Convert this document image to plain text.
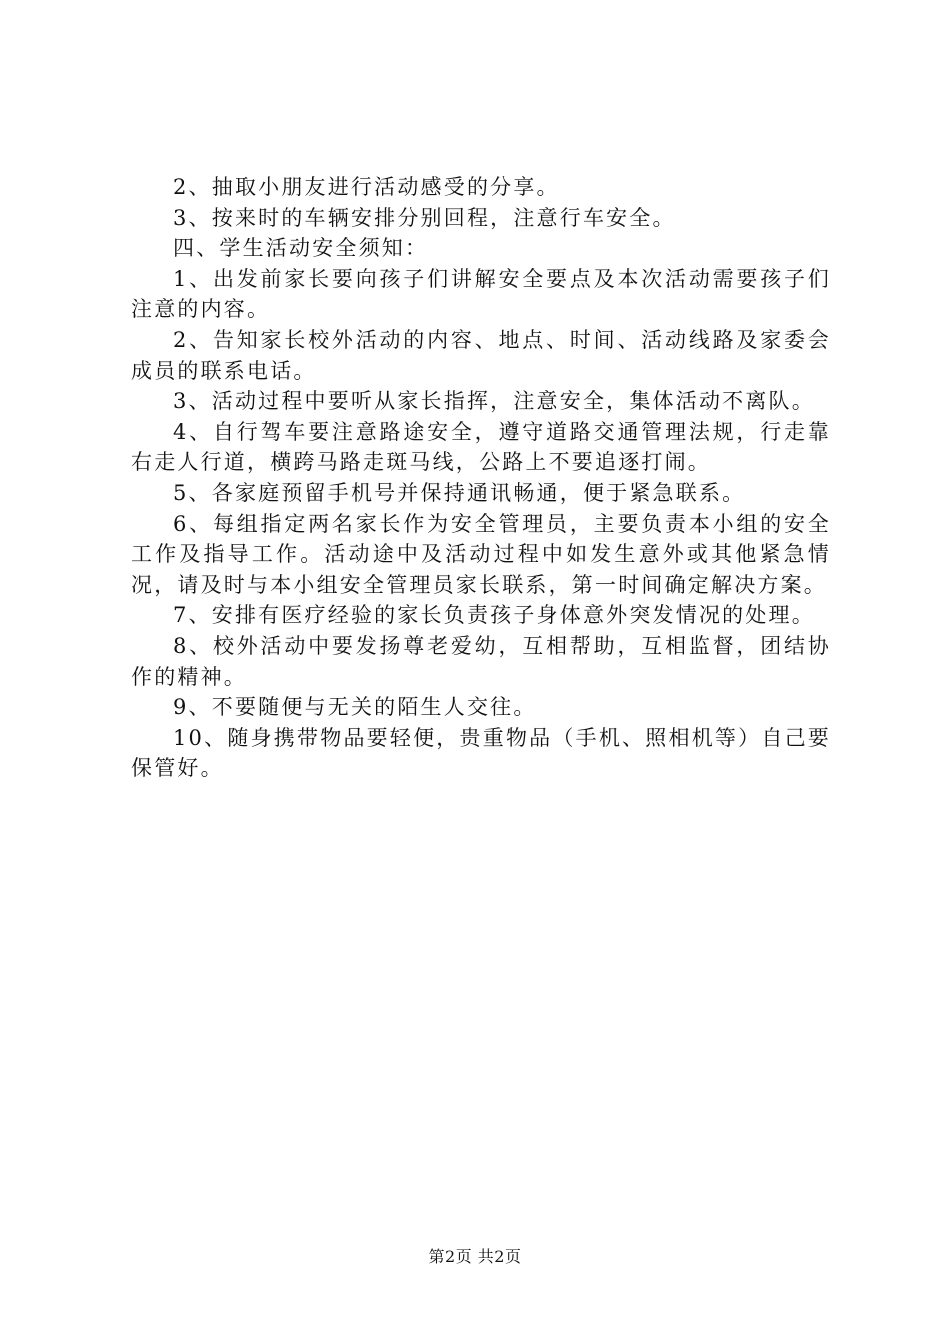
2、抽取小朋友进行活动感受的分享。

3、按来时的车辆安排分别回程，注意行车安全。

四、学生活动安全须知：

1、出发前家长要向孩子们讲解安全要点及本次活动需要孩子们注意的内容。

2、告知家长校外活动的内容、地点、时间、活动线路及家委会成员的联系电话。

3、活动过程中要听从家长指挥，注意安全，集体活动不离队。

4、自行驾车要注意路途安全，遵守道路交通管理法规，行走靠右走人行道，横跨马路走斑马线，公路上不要追逐打闹。

5、各家庭预留手机号并保持通讯畅通，便于紧急联系。

6、每组指定两名家长作为安全管理员，主要负责本小组的安全工作及指导工作。活动途中及活动过程中如发生意外或其他紧急情况，请及时与本小组安全管理员家长联系，第一时间确定解决方案。

7、安排有医疗经验的家长负责孩子身体意外突发情况的处理。

8、校外活动中要发扬尊老爱幼，互相帮助，互相监督，团结协作的精神。

9、不要随便与无关的陌生人交往。

10、随身携带物品要轻便，贵重物品（手机、照相机等）自己要保管好。

第2页 共2页
